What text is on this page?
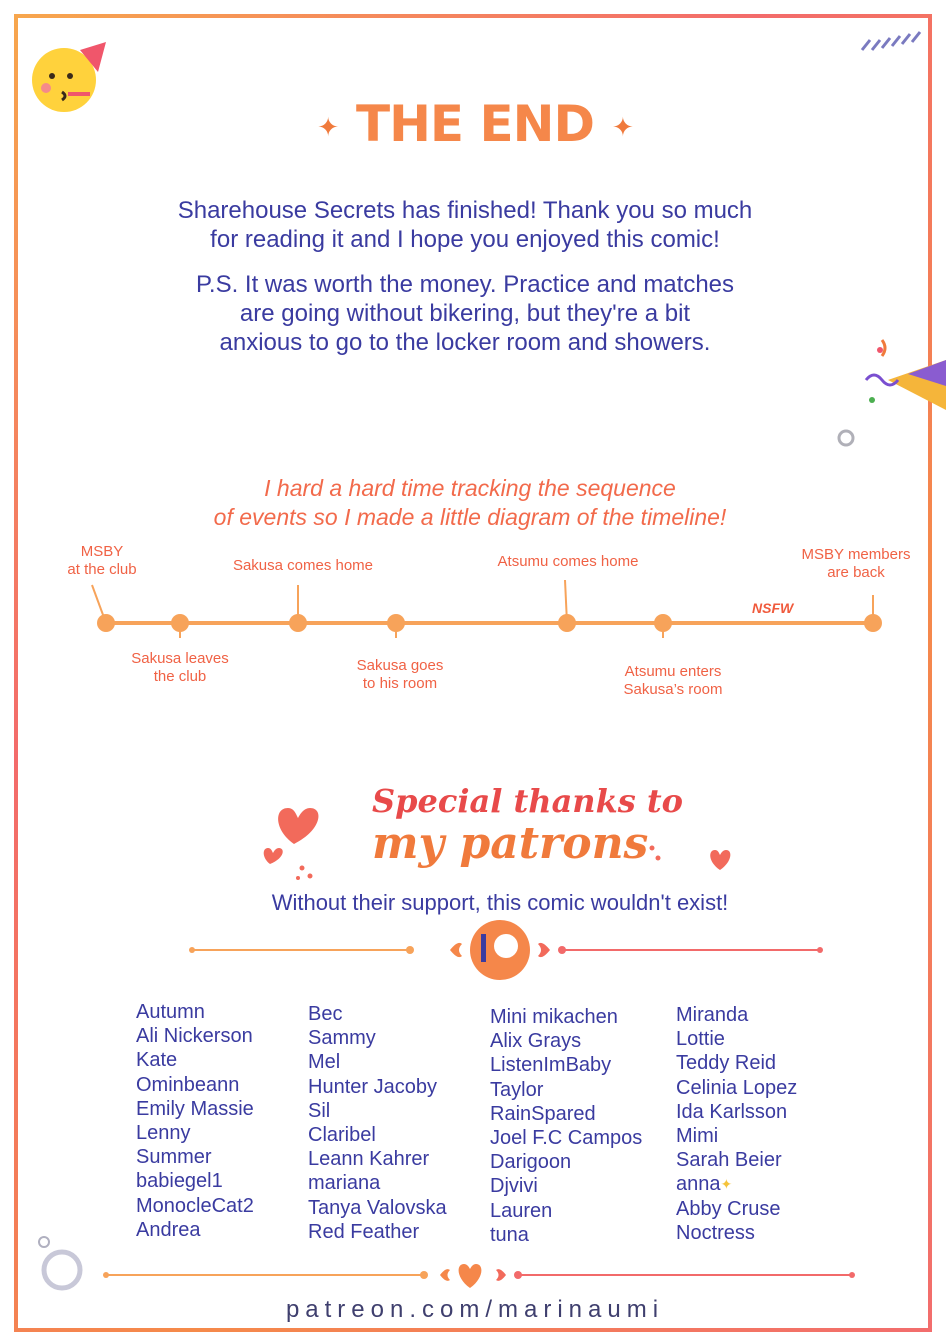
✦ THE END ✦
Sharehouse Secrets has finished! Thank you so much
for reading it and I hope you enjoyed this comic!
P.S. It was worth the money. Practice and matches
are going without bikering, but they're a bit
anxious to go to the locker room and showers.
I hard a hard time tracking the sequence
of events so I made a little diagram of the timeline!
MSBY
at the club	Sakusa comes home	Atsumu comes home	MSBY members
are back
Sakusa leaves
the club
Sakusa goes
to his room
Atsumu enters
Sakusa’s room
NSFW
Special thanks to
my patrons
Without their support, this comic wouldn't exist!
Autumn
Ali Nickerson
Kate
Ominbeann
Emily Massie
Lenny
Summer
babiegel1
MonocleCat2
Andrea
Bec
Sammy
Mel
Hunter Jacoby
Sil
Claribel
Leann Kahrer
mariana
Tanya Valovska
Red Feather
Mini mikachen
Alix Grays
ListenImBaby
Taylor
RainSpared
Joel F.C Campos
Darigoon
Djvivi
Lauren
tuna
Miranda
Lottie
Teddy Reid
Celinia Lopez
Ida Karlsson
Mimi
Sarah Beier
anna✦
Abby Cruse
Noctress
patreon.com/marinaumi
